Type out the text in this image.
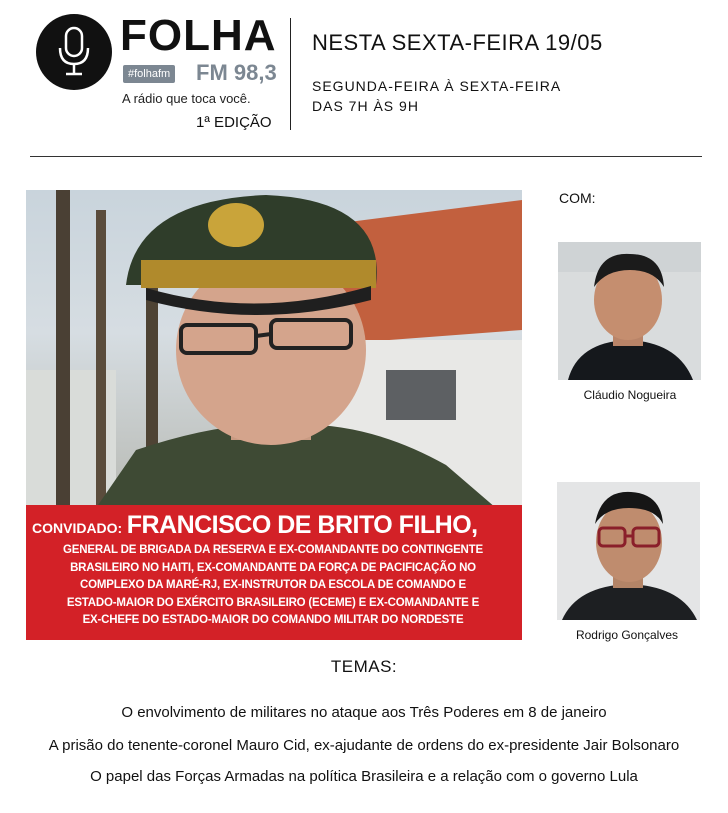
FOLHA
#folhafm FM 98,3
A rádio que toca você.
1ª EDIÇÃO
NESTA SEXTA-FEIRA 19/05
SEGUNDA-FEIRA À SEXTA-FEIRA
DAS 7H ÀS 9H
CONVIDADO: FRANCISCO DE BRITO FILHO,
GENERAL DE BRIGADA DA RESERVA E EX-COMANDANTE DO CONTINGENTE
BRASILEIRO NO HAITI, EX-COMANDANTE DA FORÇA DE PACIFICAÇÃO NO
COMPLEXO DA MARÉ-RJ, EX-INSTRUTOR DA ESCOLA DE COMANDO E
ESTADO-MAIOR DO EXÉRCITO BRASILEIRO (ECEME) E EX-COMANDANTE E
EX-CHEFE DO ESTADO-MAIOR DO COMANDO MILITAR DO NORDESTE
COM:
Cláudio Nogueira
Rodrigo Gonçalves
TEMAS:
O envolvimento de militares no ataque aos Três Poderes em 8 de janeiro
A prisão do tenente-coronel Mauro Cid, ex-ajudante de ordens do ex-presidente Jair Bolsonaro
O papel das Forças Armadas na política Brasileira e a relação com o governo Lula
